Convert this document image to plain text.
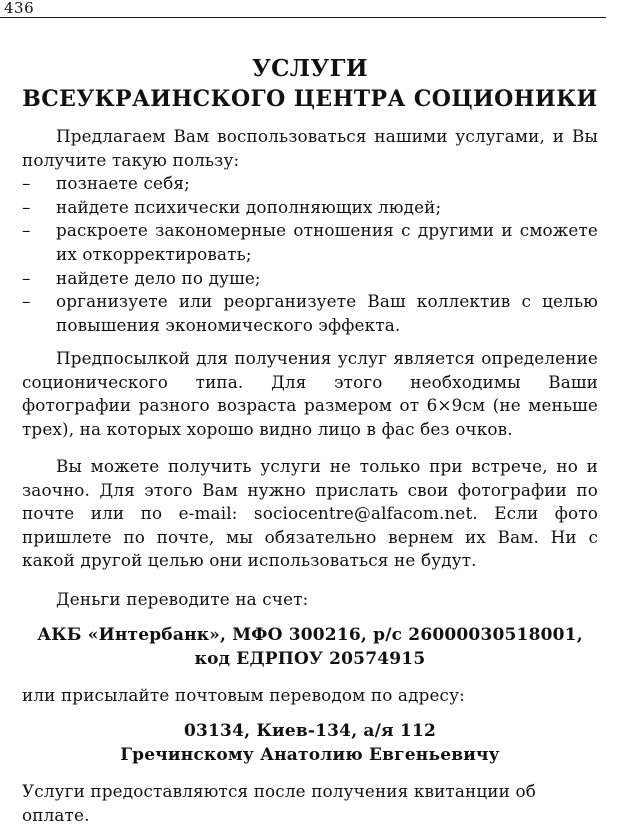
436
УСЛУГИ
ВСЕУКРАИНСКОГО ЦЕНТРА СОЦИОНИКИ

Предлагаем Вам воспользоваться нашими услугами, и Вы получите такую пользу:

– познаете себя;
– найдете психически дополняющих людей;
– раскроете закономерные отношения с другими и сможете их откорректировать;
– найдете дело по душе;
– организуете или реорганизуете Ваш коллектив с целью повышения экономического эффекта.

Предпосылкой для получения услуг является определение соционического типа. Для этого необходимы Ваши фотографии разного возраста размером от 6×9см (не меньше трех), на которых хорошо видно лицо в фас без очков.

Вы можете получить услуги не только при встрече, но и заочно. Для этого Вам нужно прислать свои фотографии по почте или по e-mail: sociocentre@alfacom.net. Если фото пришлете по почте, мы обязательно вернем их Вам. Ни с какой другой целью они использоваться не будут.

Деньги переводите на счет:
АКБ «Интербанк», МФО 300216, р/с 26000030518001,
код ЕДРПОУ 20574915
или присылайте почтовым переводом по адресу:
03134, Киев-134, а/я 112
Гречинскому Анатолию Евгеньевичу
Услуги предоставляются после получения квитанции об оплате.
